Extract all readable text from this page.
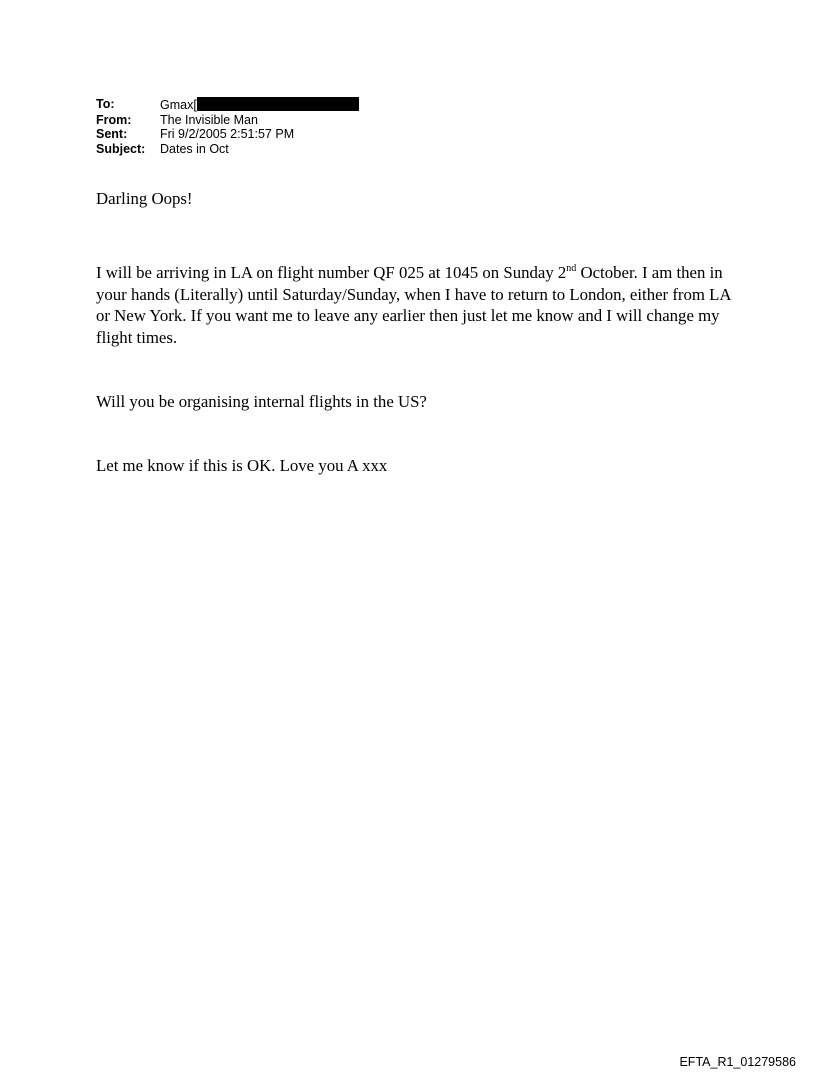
To:	Gmax[
From:	The Invisible Man
Sent:	Fri 9/2/2005 2:51:57 PM
Subject:	Dates in Oct

Darling Oops!

I will be arriving in LA on flight number QF 025 at 1045 on Sunday 2nd October. I am then in your hands (Literally) until Saturday/Sunday, when I have to return to London, either from LA or New York. If you want me to leave any earlier then just let me know and I will change my flight times.

Will you be organising internal flights in the US?

Let me know if this is OK. Love you A xxx

EFTA_R1_01279586
